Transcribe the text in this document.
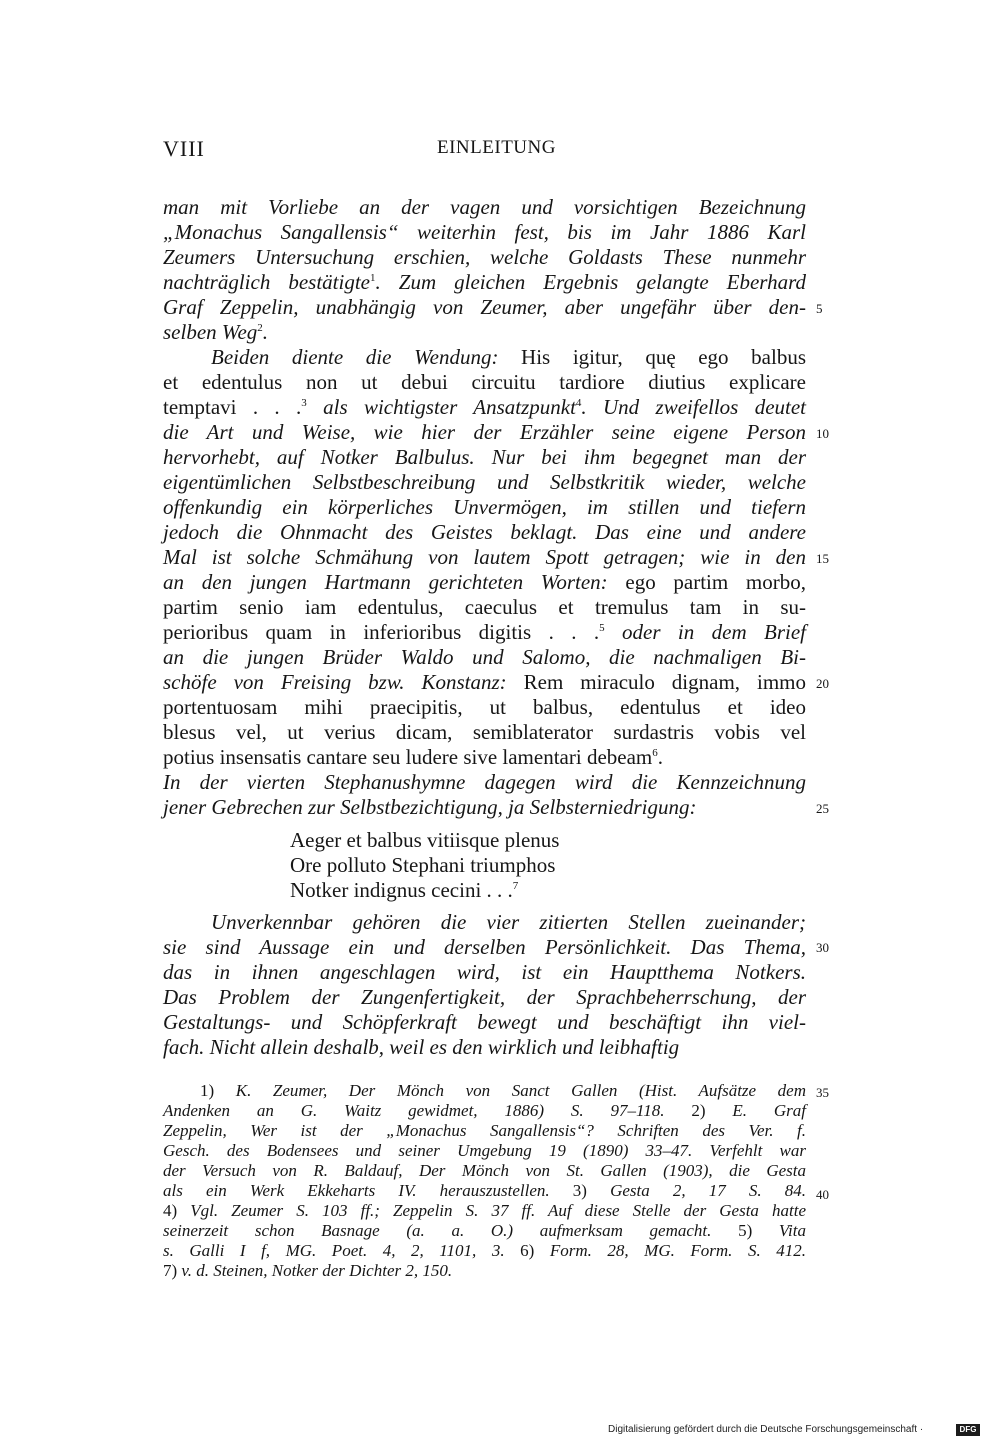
VIII	EINLEITUNG
man mit Vorliebe an der vagen und vorsichtigen Bezeichnung
„Monachus Sangallensis“ weiterhin fest, bis im Jahr 1886 Karl
Zeumers Untersuchung erschien, welche Goldasts These nunmehr
nachträglich bestätigte$^1$. Zum gleichen Ergebnis gelangte Eberhard
Graf Zeppelin, unabhängig von Zeumer, aber ungefähr über den-
selben Weg$^2$.
Beiden diente die Wendung: His igitur, quę ego balbus
et edentulus non ut debui circuitu tardiore diutius explicare
temptavi . . .$^3$ als wichtigster Ansatzpunkt$^4$. Und zweifellos deutet
die Art und Weise, wie hier der Erzähler seine eigene Person
hervorhebt, auf Notker Balbulus. Nur bei ihm begegnet man der
eigentümlichen Selbstbeschreibung und Selbstkritik wieder, welche
offenkundig ein körperliches Unvermögen, im stillen und tiefern
jedoch die Ohnmacht des Geistes beklagt. Das eine und andere
Mal ist solche Schmähung von lautem Spott getragen; wie in den
an den jungen Hartmann gerichteten Worten: ego partim morbo,
partim senio iam edentulus, caeculus et tremulus tam in su-
perioribus quam in inferioribus digitis . . .$^5$ oder in dem Brief
an die jungen Brüder Waldo und Salomo, die nachmaligen Bi-
schöfe von Freising bzw. Konstanz: Rem miraculo dignam, immo
portentuosam mihi praecipitis, ut balbus, edentulus et ideo
blesus vel, ut verius dicam, semiblaterator surdastris vobis vel
potius insensatis cantare seu ludere sive lamentari debeam$^6$.
In der vierten Stephanushymne dagegen wird die Kennzeichnung
jener Gebrechen zur Selbstbezichtigung, ja Selbsterniedrigung:
Aeger et balbus vitiisque plenus
Ore polluto Stephani triumphos
Notker indignus cecini . . .$^7$
Unverkennbar gehören die vier zitierten Stellen zueinander;
sie sind Aussage ein und derselben Persönlichkeit. Das Thema,
das in ihnen angeschlagen wird, ist ein Hauptthema Notkers.
Das Problem der Zungenfertigkeit, der Sprachbeherrschung, der
Gestaltungs- und Schöpferkraft bewegt und beschäftigt ihn viel-
fach. Nicht allein deshalb, weil es den wirklich und leibhaftig
5
10
15
20
25
30
35
40
1) K. Zeumer, Der Mönch von Sanct Gallen (Hist. Aufsätze dem
Andenken an G. Waitz gewidmet, 1886) S. 97–118. 2) E. Graf
Zeppelin, Wer ist der „Monachus Sangallensis“? Schriften des Ver. f.
Gesch. des Bodensees und seiner Umgebung 19 (1890) 33–47. Verfehlt war
der Versuch von R. Baldauf, Der Mönch von St. Gallen (1903), die Gesta
als ein Werk Ekkeharts IV. herauszustellen. 3) Gesta 2, 17 S. 84.
4) Vgl. Zeumer S. 103 ff.; Zeppelin S. 37 ff. Auf diese Stelle der Gesta hatte
seinerzeit schon Basnage (a. a. O.) aufmerksam gemacht. 5) Vita
s. Galli I f, MG. Poet. 4, 2, 1101, 3. 6) Form. 28, MG. Form. S. 412.
7) v. d. Steinen, Notker der Dichter 2, 150.
Digitalisierung gefördert durch die Deutsche Forschungsgemeinschaft ·	DFG
